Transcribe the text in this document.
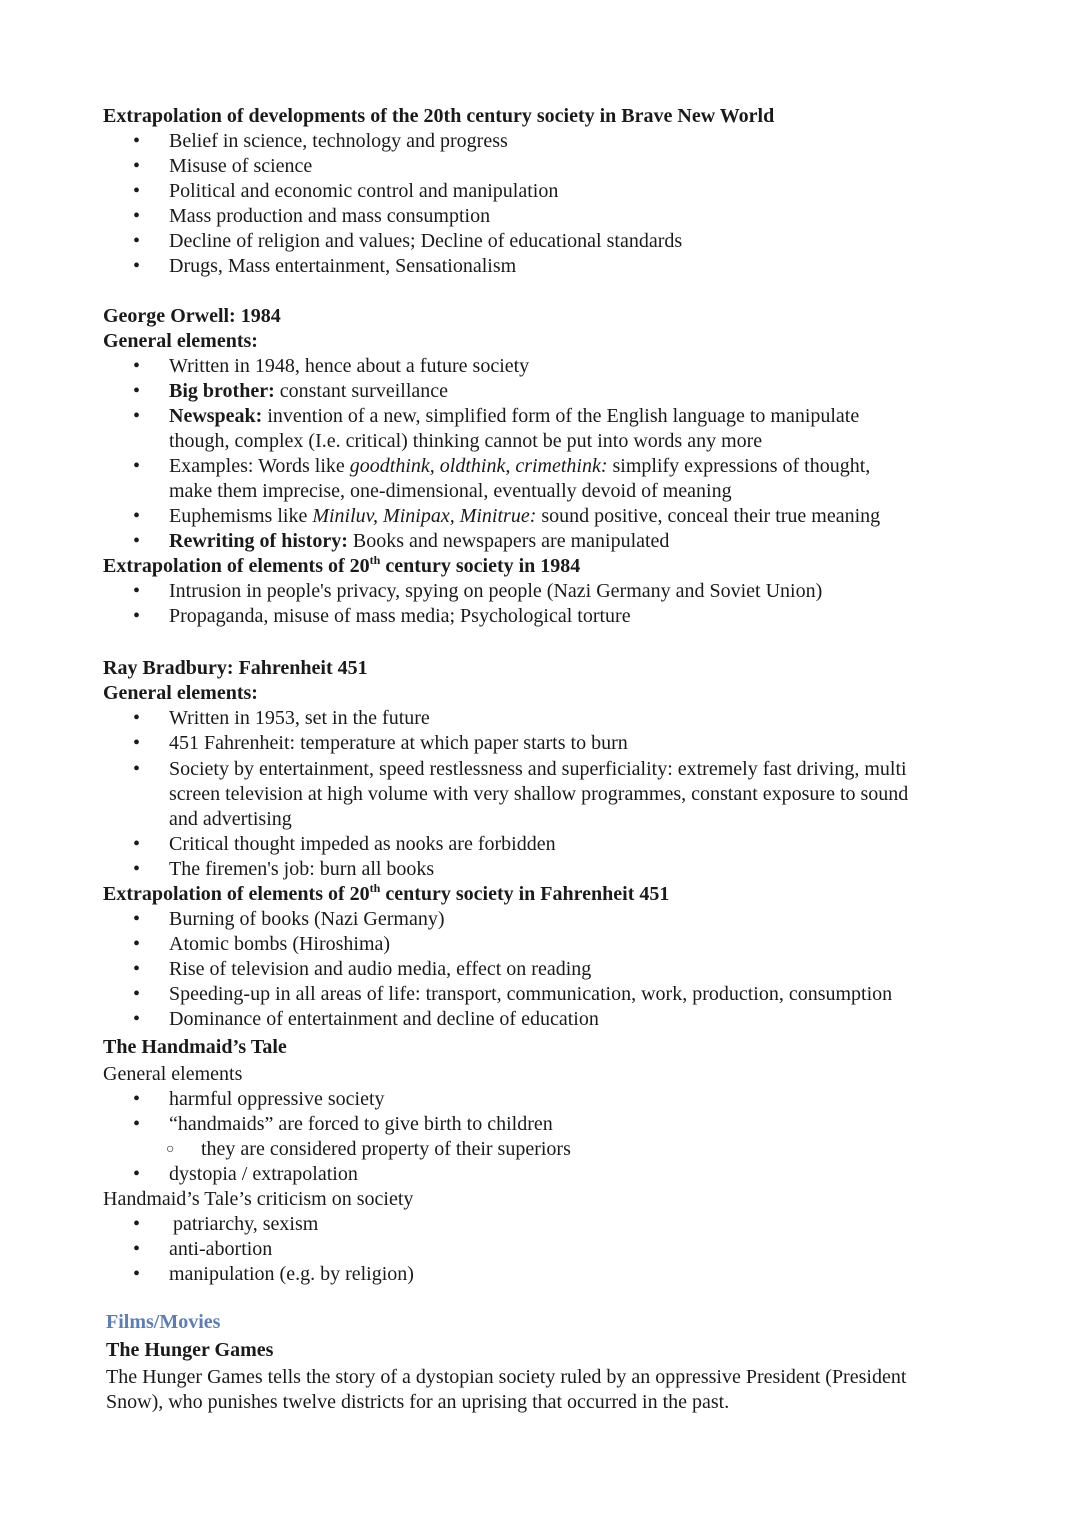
Extrapolation of developments of the 20th century society in Brave New World
•	Belief in science, technology and progress
•	Misuse of science
•	Political and economic control and manipulation
•	Mass production and mass consumption
•	Decline of religion and values; Decline of educational standards
•	Drugs, Mass entertainment, Sensationalism
George Orwell: 1984
General elements:
•	Written in 1948, hence about a future society
•	Big brother: constant surveillance
•	Newspeak: invention of a new, simplified form of the English language to manipulate
though, complex (I.e. critical) thinking cannot be put into words any more
•	Examples: Words like goodthink, oldthink, crimethink: simplify expressions of thought,
make them imprecise, one-dimensional, eventually devoid of meaning
•	Euphemisms like Miniluv, Minipax, Minitrue: sound positive, conceal their true meaning
•	Rewriting of history: Books and newspapers are manipulated
Extrapolation of elements of 20th century society in 1984
•	Intrusion in people's privacy, spying on people (Nazi Germany and Soviet Union)
•	Propaganda, misuse of mass media; Psychological torture
Ray Bradbury: Fahrenheit 451
General elements:
•	Written in 1953, set in the future
•	451 Fahrenheit: temperature at which paper starts to burn
•	Society by entertainment, speed restlessness and superficiality: extremely fast driving, multi
screen television at high volume with very shallow programmes, constant exposure to sound
and advertising
•	Critical thought impeded as nooks are forbidden
•	The firemen's job: burn all books
Extrapolation of elements of 20th century society in Fahrenheit 451
•	Burning of books (Nazi Germany)
•	Atomic bombs (Hiroshima)
•	Rise of television and audio media, effect on reading
•	Speeding-up in all areas of life: transport, communication, work, production, consumption
•	Dominance of entertainment and decline of education
The Handmaid’s Tale
General elements
•	harmful oppressive society
•	“handmaids” are forced to give birth to children
○	they are considered property of their superiors
•	dystopia / extrapolation
Handmaid’s Tale’s criticism on society
•	patriarchy, sexism
•	anti-abortion
•	manipulation (e.g. by religion)
Films/Movies
The Hunger Games
The Hunger Games tells the story of a dystopian society ruled by an oppressive President (President
Snow), who punishes twelve districts for an uprising that occurred in the past.
